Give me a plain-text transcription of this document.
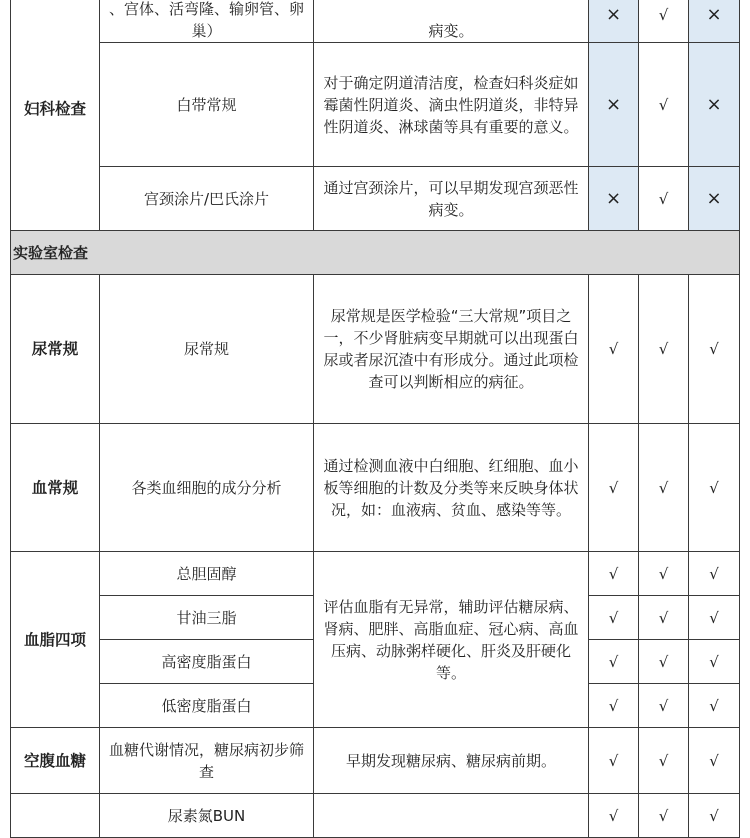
妇科检查	、宫体、活弯隆、输卵管、卵巢）	病变。	×	√	×
	白带常规	对于确定阴道清洁度，检查妇科炎症如霉菌性阴道炎、滴虫性阴道炎，非特异性阴道炎、淋球菌等具有重要的意义。	×	√	×
	宫颈涂片/巴氏涂片	通过宫颈涂片，可以早期发现宫颈恶性病变。	×	√	×
实验室检查					
尿常规	尿常规	尿常规是医学检验“三大常规”项目之一，不少肾脏病变早期就可以出现蛋白尿或者尿沉渣中有形成分。通过此项检查可以判断相应的病征。	√	√	√
血常规	各类血细胞的成分分析	通过检测血液中白细胞、红细胞、血小板等细胞的计数及分类等来反映身体状况，如：血液病、贫血、感染等等。	√	√	√
血脂四项	总胆固醇	评估血脂有无异常，辅助评估糖尿病、肾病、肥胖、高脂血症、冠心病、高血压病、动脉粥样硬化、肝炎及肝硬化等。	√	√	√
	甘油三脂		√	√	√
	高密度脂蛋白		√	√	√
	低密度脂蛋白		√	√	√
空腹血糖	血糖代谢情况，糖尿病初步筛查	早期发现糖尿病、糖尿病前期。	√	√	√
	尿素氮BUN		√	√	√
